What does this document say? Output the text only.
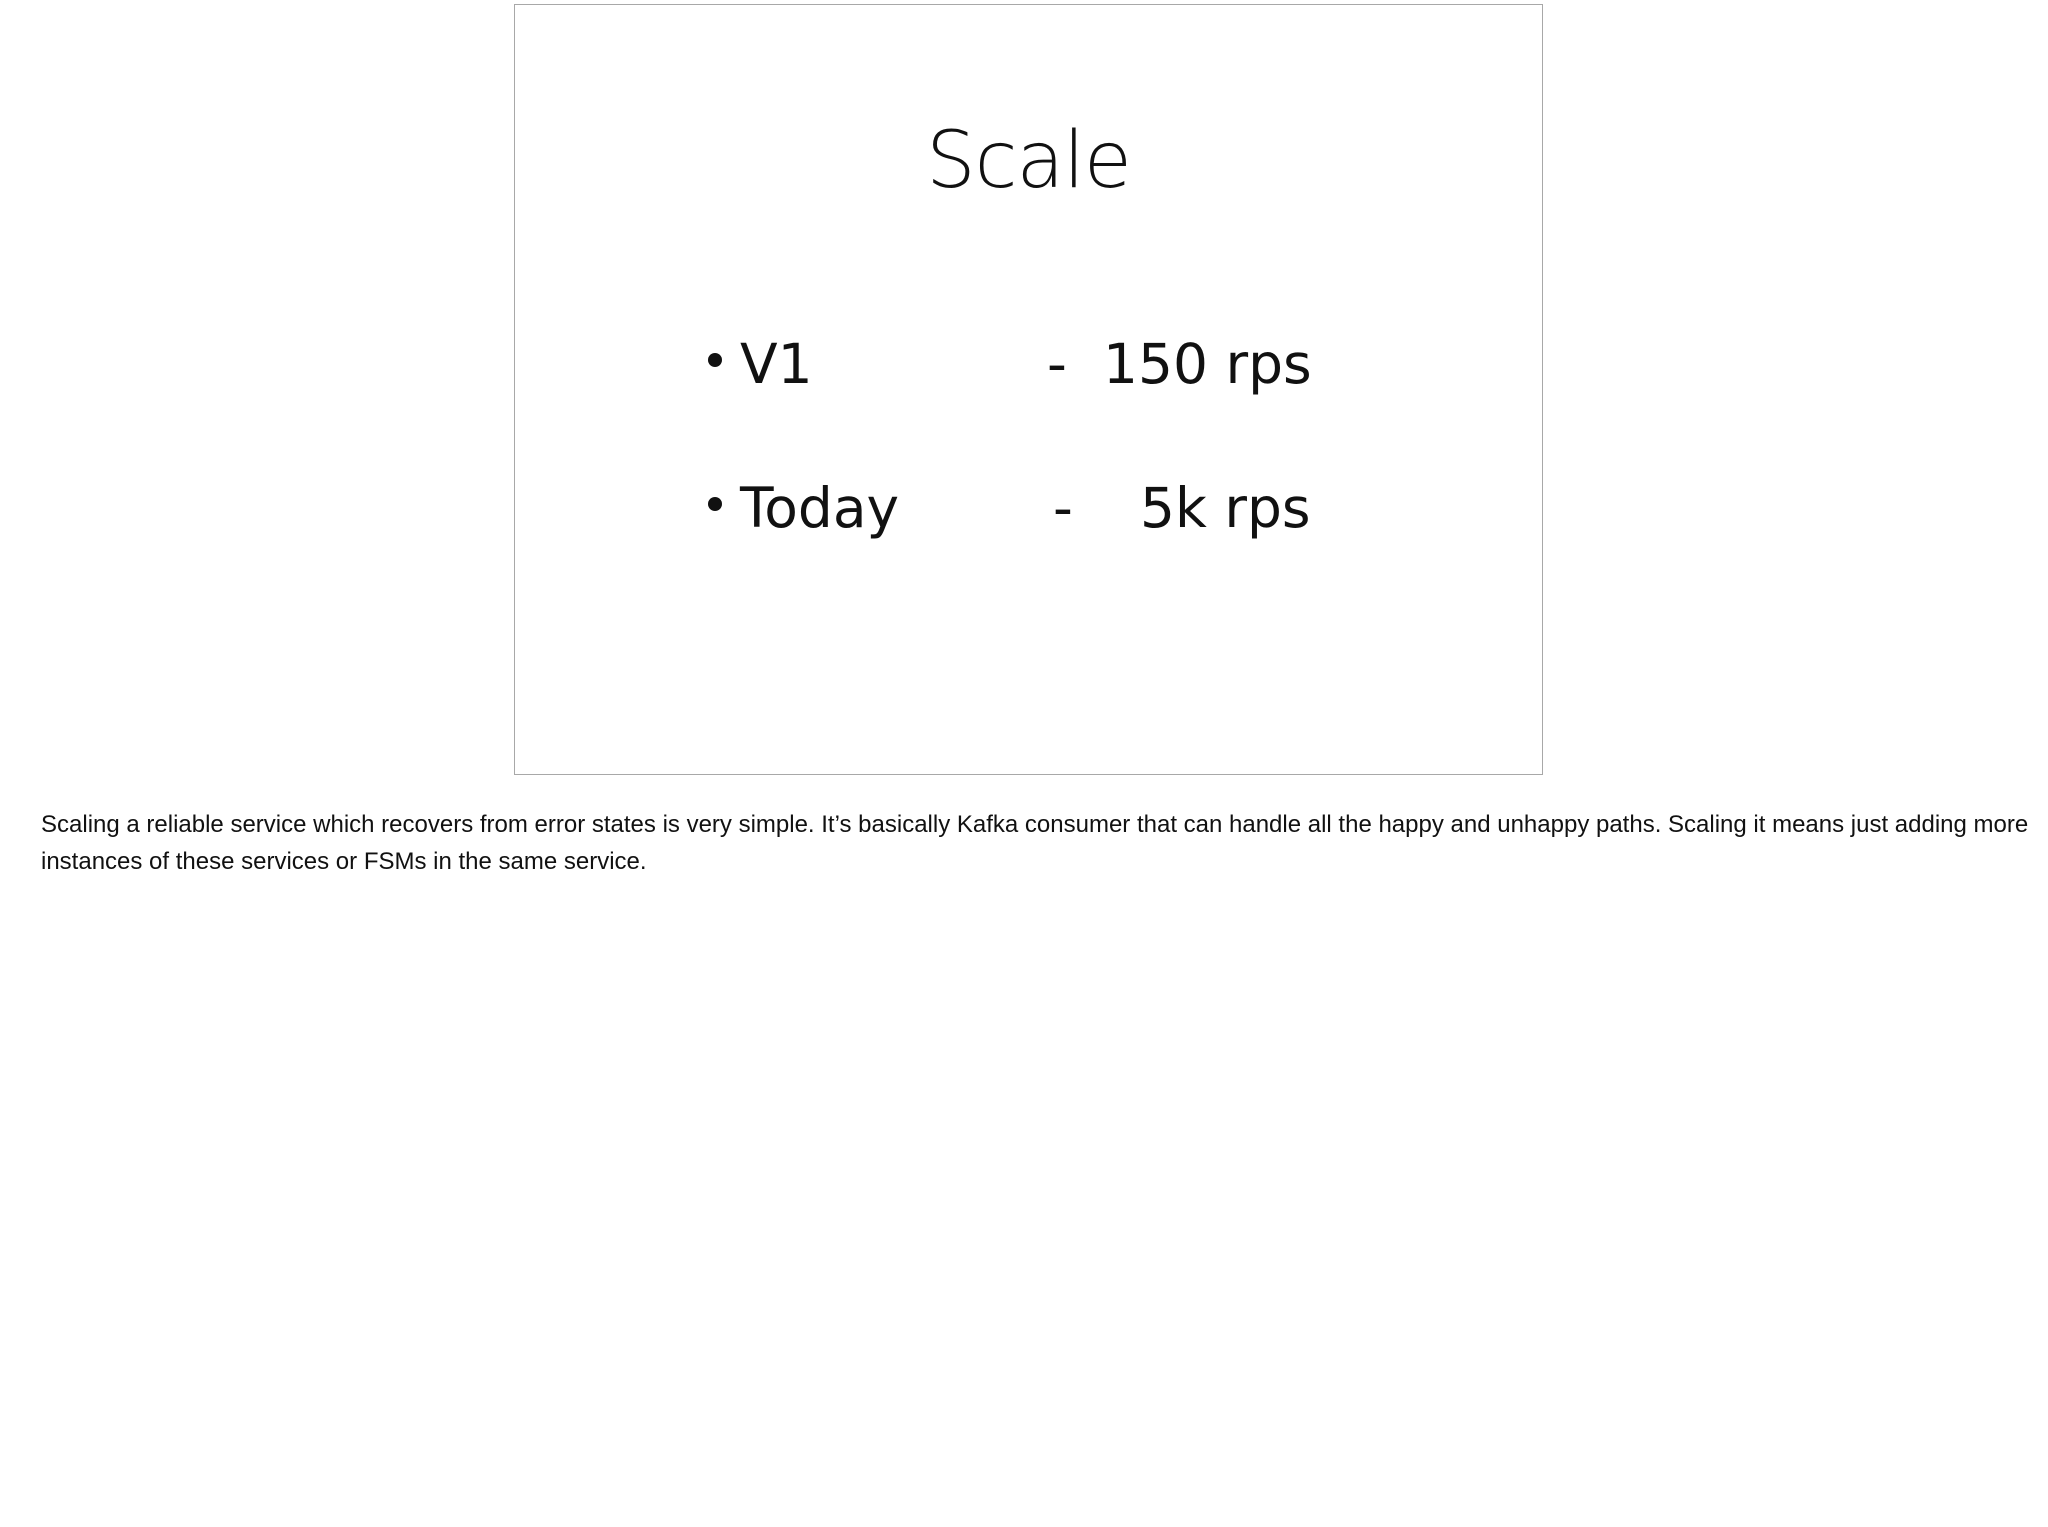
Scale
V1	- 150 rps
Today	- 5k rps
Scaling a reliable service which recovers from error states is very simple. It’s basically Kafka consumer that can handle all the happy and unhappy paths. Scaling it means just adding more instances of these services or FSMs in the same service.
